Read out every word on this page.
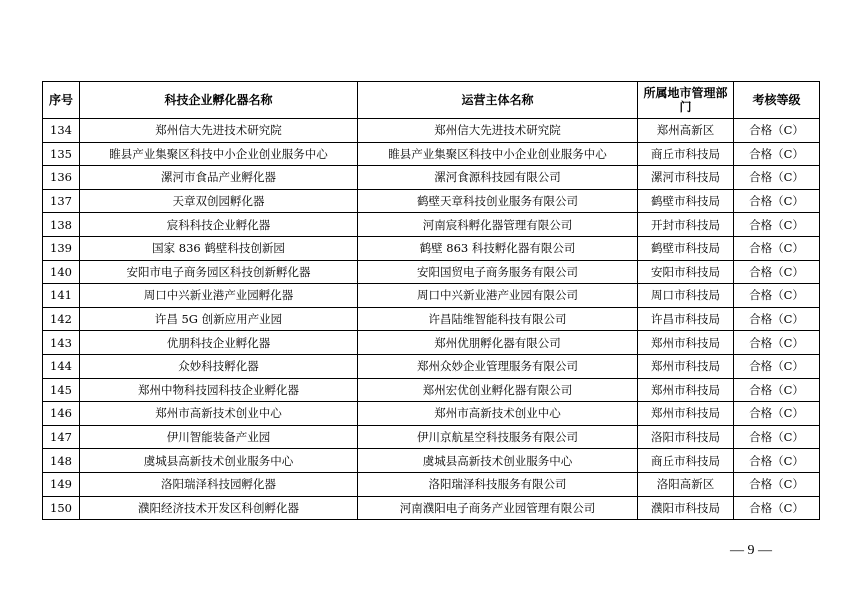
序号	科技企业孵化器名称	运营主体名称	所属地市管理部门	考核等级
134	郑州信大先进技术研究院	郑州信大先进技术研究院	郑州高新区	合格（C）
135	睢县产业集聚区科技中小企业创业服务中心	睢县产业集聚区科技中小企业创业服务中心	商丘市科技局	合格（C）
136	漯河市食品产业孵化器	漯河食源科技园有限公司	漯河市科技局	合格（C）
137	天章双创园孵化器	鹤壁天章科技创业服务有限公司	鹤壁市科技局	合格（C）
138	宸科科技企业孵化器	河南宸科孵化器管理有限公司	开封市科技局	合格（C）
139	国家 836 鹤壁科技创新园	鹤壁 863 科技孵化器有限公司	鹤壁市科技局	合格（C）
140	安阳市电子商务园区科技创新孵化器	安阳国贸电子商务服务有限公司	安阳市科技局	合格（C）
141	周口中兴新业港产业园孵化器	周口中兴新业港产业园有限公司	周口市科技局	合格（C）
142	许昌 5G 创新应用产业园	许昌陆维智能科技有限公司	许昌市科技局	合格（C）
143	优朋科技企业孵化器	郑州优朋孵化器有限公司	郑州市科技局	合格（C）
144	众妙科技孵化器	郑州众妙企业管理服务有限公司	郑州市科技局	合格（C）
145	郑州中物科技园科技企业孵化器	郑州宏优创业孵化器有限公司	郑州市科技局	合格（C）
146	郑州市高新技术创业中心	郑州市高新技术创业中心	郑州市科技局	合格（C）
147	伊川智能装备产业园	伊川京航星空科技服务有限公司	洛阳市科技局	合格（C）
148	虞城县高新技术创业服务中心	虞城县高新技术创业服务中心	商丘市科技局	合格（C）
149	洛阳瑞泽科技园孵化器	洛阳瑞泽科技服务有限公司	洛阳高新区	合格（C）
150	濮阳经济技术开发区科创孵化器	河南濮阳电子商务产业园管理有限公司	濮阳市科技局	合格（C）
— 9 —
